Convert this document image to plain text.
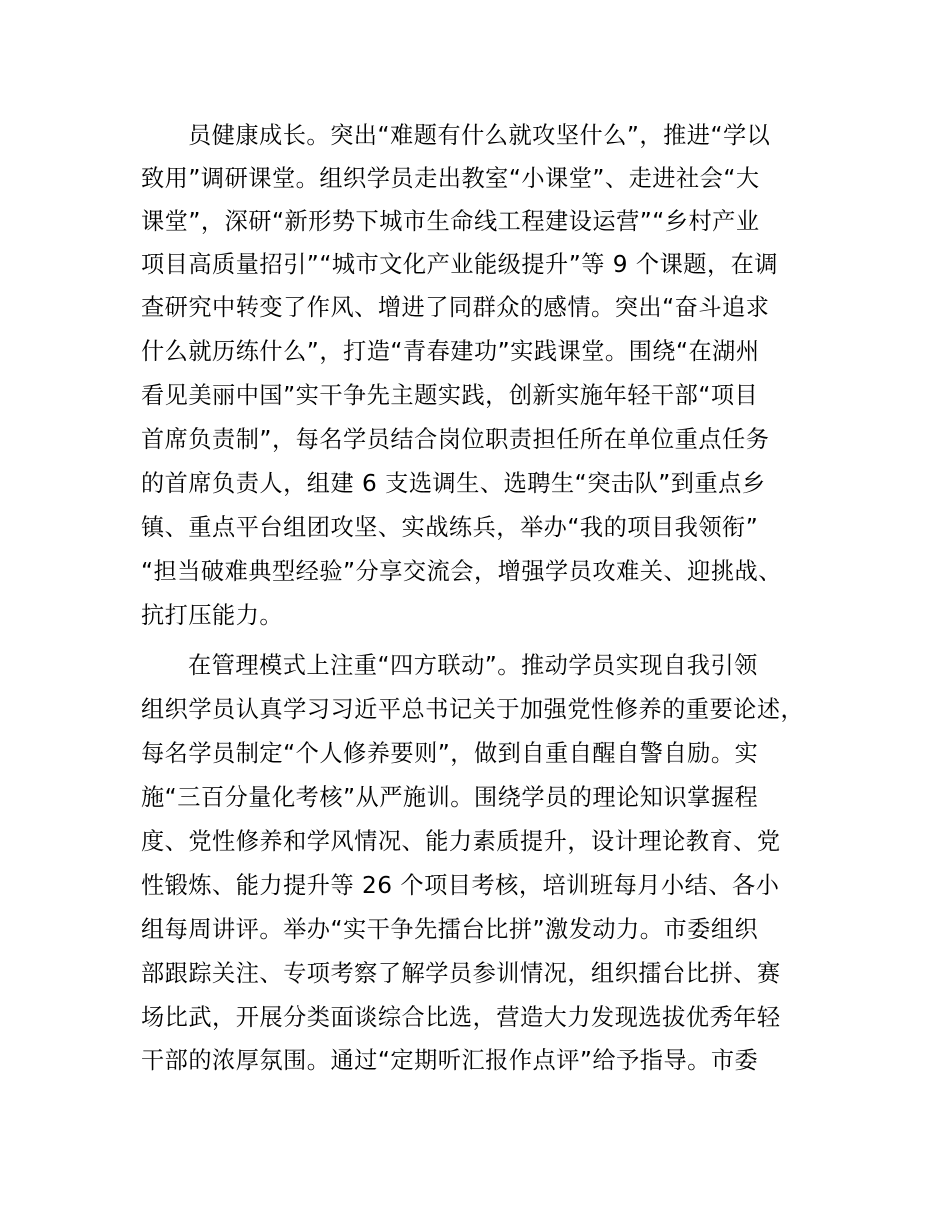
员健康成长。突出“难题有什么就攻坚什么”，推进“学以
致用”调研课堂。组织学员走出教室“小课堂”、走进社会“大
课堂”，深研“新形势下城市生命线工程建设运营”“乡村产业
项目高质量招引”“城市文化产业能级提升”等 9 个课题，在调
查研究中转变了作风、增进了同群众的感情。突出“奋斗追求
什么就历练什么”，打造“青春建功”实践课堂。围绕“在湖州
看见美丽中国”实干争先主题实践，创新实施年轻干部“项目
首席负责制”，每名学员结合岗位职责担任所在单位重点任务
的首席负责人，组建 6 支选调生、选聘生“突击队”到重点乡
镇、重点平台组团攻坚、实战练兵，举办“我的项目我领衔”
“担当破难典型经验”分享交流会，增强学员攻难关、迎挑战、
抗打压能力。
在管理模式上注重“四方联动”。推动学员实现自我引领
组织学员认真学习习近平总书记关于加强党性修养的重要论述，
每名学员制定“个人修养要则”，做到自重自醒自警自励。实
施“三百分量化考核”从严施训。围绕学员的理论知识掌握程
度、党性修养和学风情况、能力素质提升，设计理论教育、党
性锻炼、能力提升等 26 个项目考核，培训班每月小结、各小
组每周讲评。举办“实干争先擂台比拼”激发动力。市委组织
部跟踪关注、专项考察了解学员参训情况，组织擂台比拼、赛
场比武，开展分类面谈综合比选，营造大力发现选拔优秀年轻
干部的浓厚氛围。通过“定期听汇报作点评”给予指导。市委
